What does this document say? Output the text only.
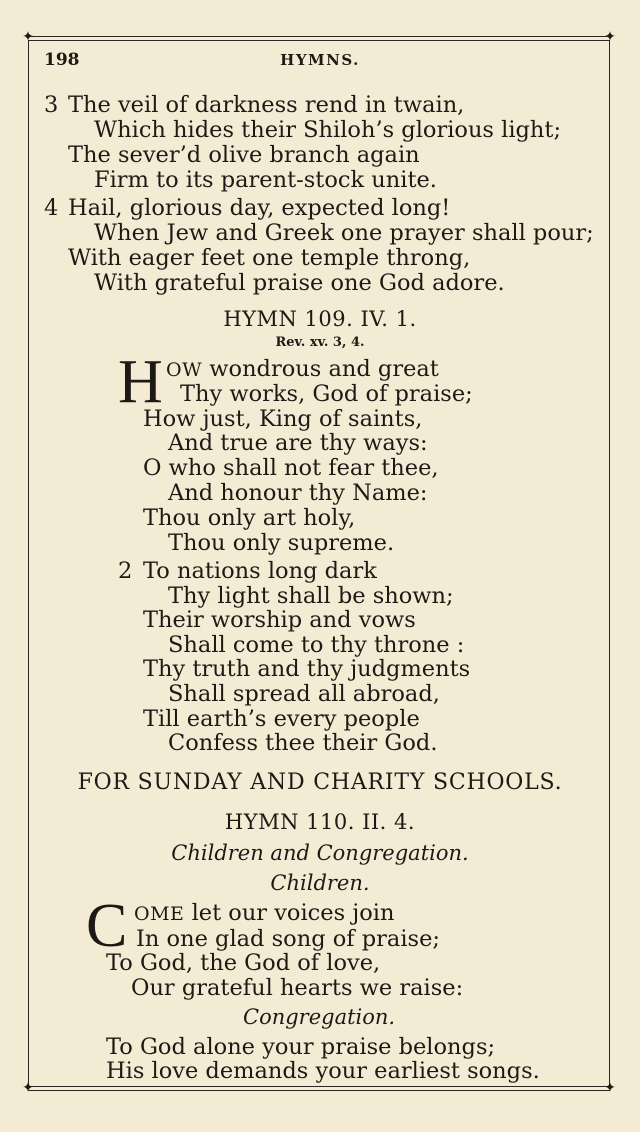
✦	✦
✦	✦
198	HYMNS.
3 The veil of darkness rend in twain,
Which hides their Shiloh’s glorious light;
The sever’d olive branch again
Firm to its parent-stock unite.
4 Hail, glorious day, expected long!
When Jew and Greek one prayer shall pour;
With eager feet one temple throng,
With grateful praise one God adore.
HYMN 109. IV. 1.
Rev. xv. 3, 4.
H OW wondrous and great
Thy works, God of praise;
How just, King of saints,
And true are thy ways:
O who shall not fear thee,
And honour thy Name:
Thou only art holy,
Thou only supreme.
2 To nations long dark
Thy light shall be shown;
Their worship and vows
Shall come to thy throne :
Thy truth and thy judgments
Shall spread all abroad,
Till earth’s every people
Confess thee their God.
FOR SUNDAY AND CHARITY SCHOOLS.
HYMN 110. II. 4.
Children and Congregation.
Children.
C OME let our voices join
In one glad song of praise;
To God, the God of love,
Our grateful hearts we raise:
Congregation.
To God alone your praise belongs;
His love demands your earliest songs.
